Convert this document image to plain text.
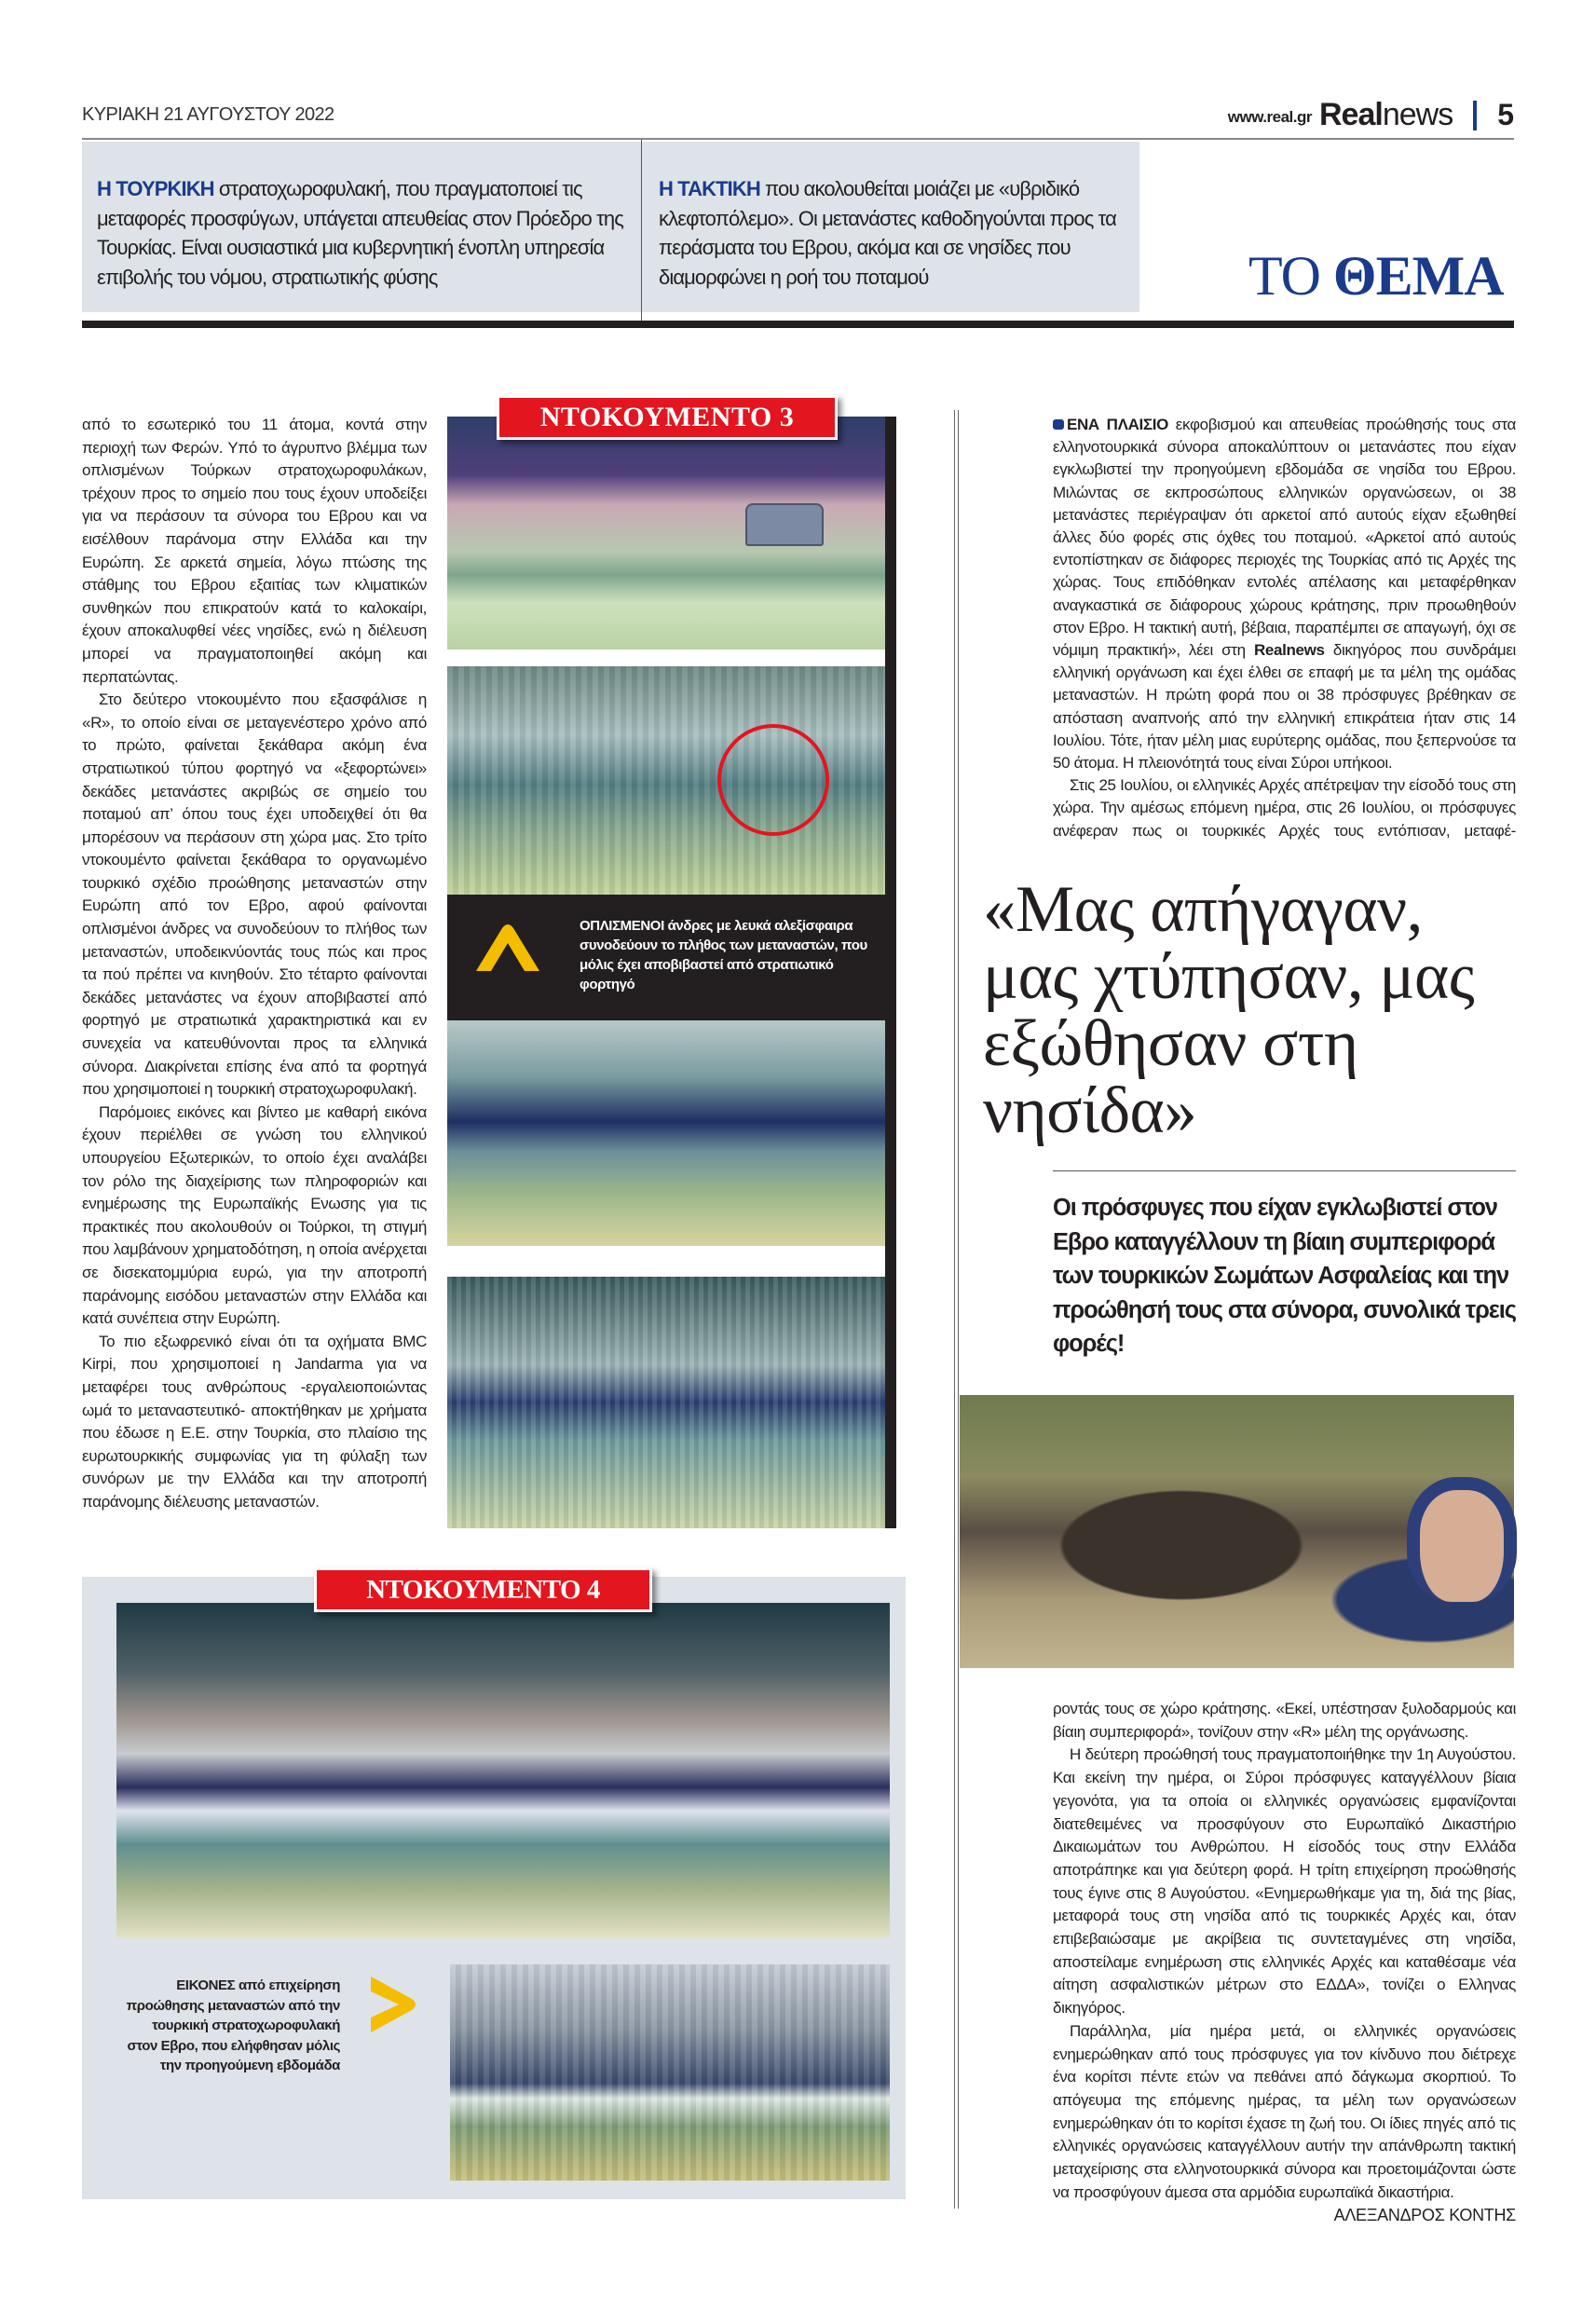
ΚΥΡΙΑΚΗ 21 ΑΥΓΟΥΣΤΟΥ 2022	www.real.gr Realnews 5
Η ΤΟΥΡΚΙΚΗ στρατοχωροφυλακή, που πραγματοποιεί τις μεταφορές προσφύγων, υπάγεται απευθείας στον Πρόεδρο της Τουρκίας. Είναι ουσιαστικά μια κυβερνητική ένοπλη υπηρεσία επιβολής του νόμου, στρατιωτικής φύσης
Η ΤΑΚΤΙΚΗ που ακολουθείται μοιάζει με «υβριδικό κλεφτοπόλεμο». Οι μετανάστες καθοδηγούνται προς τα περάσματα του Εβρου, ακόμα και σε νησίδες που διαμορφώνει η ροή του ποταμού	ΤΟ ΘΕΜΑ

από το εσωτερικό του 11 άτομα, κοντά στην περιοχή των Φερών. Υπό το άγρυπνο βλέμμα των οπλισμένων Τούρκων στρατοχωροφυλάκων, τρέχουν προς το σημείο που τους έχουν υποδείξει για να περάσουν τα σύνορα του Εβρου και να εισέλθουν παράνομα στην Ελλάδα και την Ευρώπη. Σε αρκετά σημεία, λόγω πτώσης της στάθμης του Εβρου εξαιτίας των κλιματικών συνθηκών που επικρατούν κατά το καλοκαίρι, έχουν αποκαλυφθεί νέες νησίδες, ενώ η διέλευση μπορεί να πραγματοποιηθεί ακόμη και περπατώντας.

Στο δεύτερο ντοκουμέντο που εξασφάλισε η «R», το οποίο είναι σε μεταγενέστερο χρόνο από το πρώτο, φαίνεται ξεκάθαρα ακόμη ένα στρατιωτικού τύπου φορτηγό να «ξεφορτώνει» δεκάδες μετανάστες ακριβώς σε σημείο του ποταμού απ’ όπου τους έχει υποδειχθεί ότι θα μπορέσουν να περάσουν στη χώρα μας. Στο τρίτο ντοκουμέντο φαίνεται ξεκάθαρα το οργανωμένο τουρκικό σχέδιο προώθησης μεταναστών στην Ευρώπη από τον Εβρο, αφού φαίνονται οπλισμένοι άνδρες να συνοδεύουν το πλήθος των μεταναστών, υποδεικνύοντάς τους πώς και προς τα πού πρέπει να κινηθούν. Στο τέταρτο φαίνονται δεκάδες μετανάστες να έχουν αποβιβαστεί από φορτηγό με στρατιωτικά χαρακτηριστικά και εν συνεχεία να κατευθύνονται προς τα ελληνικά σύνορα. Διακρίνεται επίσης ένα από τα φορτηγά που χρησιμοποιεί η τουρκική στρατοχωροφυλακή.

Παρόμοιες εικόνες και βίντεο με καθαρή εικόνα έχουν περιέλθει σε γνώση του ελληνικού υπουργείου Εξωτερικών, το οποίο έχει αναλάβει τον ρόλο της διαχείρισης των πληροφοριών και ενημέρωσης της Ευρωπαϊκής Ενωσης για τις πρακτικές που ακολουθούν οι Τούρκοι, τη στιγμή που λαμβάνουν χρηματοδότηση, η οποία ανέρχεται σε δισεκατομμύρια ευρώ, για την αποτροπή παράνομης εισόδου μεταναστών στην Ελλάδα και κατά συνέπεια στην Ευρώπη.

Το πιο εξωφρενικό είναι ότι τα οχήματα BMC Kirpi, που χρησιμοποιεί η Jandarma για να μεταφέρει τους ανθρώπους -εργαλειοποιώντας ωμά το μεταναστευτικό- αποκτήθηκαν με χρήματα που έδωσε η Ε.Ε. στην Τουρκία, στο πλαίσιο της ευρωτουρκικής συμφωνίας για τη φύλαξη των συνόρων με την Ελλάδα και την αποτροπή παράνομης διέλευσης μεταναστών.

ΟΠΛΙΣΜΕΝΟΙ άνδρες με λευκά αλεξίσφαιρα συνοδεύουν το πλήθος των μεταναστών, που μόλις έχει αποβιβαστεί από στρατιωτικό φορτηγό
ΝΤΟΚΟΥΜΕΝΤΟ 3
ΝΤΟΚΟΥΜΕΝΤΟ 4
ΕΙΚΟΝΕΣ από επιχείρηση προώθησης μεταναστών από την τουρκική στρατοχωροφυλακή στον Εβρο, που ελήφθησαν μόλις την προηγούμενη εβδομάδα

ΕΝΑ ΠΛΑΙΣΙΟ εκφοβισμού και απευθείας προώθησής τους στα ελληνοτουρκικά σύνορα αποκαλύπτουν οι μετανάστες που είχαν εγκλωβιστεί την προηγούμενη εβδομάδα σε νησίδα του Εβρου. Μιλώντας σε εκπροσώπους ελληνικών οργανώσεων, οι 38 μετανάστες περιέγραψαν ότι αρκετοί από αυτούς είχαν εξωθηθεί άλλες δύο φορές στις όχθες του ποταμού. «Αρκετοί από αυτούς εντοπίστηκαν σε διάφορες περιοχές της Τουρκίας από τις Αρχές της χώρας. Τους επιδόθηκαν εντολές απέλασης και μεταφέρθηκαν αναγκαστικά σε διάφορους χώρους κράτησης, πριν προωθηθούν στον Εβρο. Η τακτική αυτή, βέβαια, παραπέμπει σε απαγωγή, όχι σε νόμιμη πρακτική», λέει στη Realnews δικηγόρος που συνδράμει ελληνική οργάνωση και έχει έλθει σε επαφή με τα μέλη της ομάδας μεταναστών. Η πρώτη φορά που οι 38 πρόσφυγες βρέθηκαν σε απόσταση αναπνοής από την ελληνική επικράτεια ήταν στις 14 Ιουλίου. Τότε, ήταν μέλη μιας ευρύτερης ομάδας, που ξεπερνούσε τα 50 άτομα. Η πλειονότητά τους είναι Σύροι υπήκοοι.

Στις 25 Ιουλίου, οι ελληνικές Αρχές απέτρεψαν την είσοδό τους στη χώρα. Την αμέσως επόμενη ημέρα, στις 26 Ιουλίου, οι πρόσφυγες ανέφεραν πως οι τουρκικές Αρχές τους εντόπισαν, μεταφέ-

«Μας απήγαγαν, μας χτύπησαν, μας εξώθησαν στη νησίδα»
Οι πρόσφυγες που είχαν εγκλωβιστεί στον Εβρο καταγγέλλουν τη βίαιη συμπεριφορά των τουρκικών Σωμάτων Ασφαλείας και την προώθησή τους στα σύνορα, συνολικά τρεις φορές!

ροντάς τους σε χώρο κράτησης. «Εκεί, υπέστησαν ξυλοδαρμούς και βίαιη συμπεριφορά», τονίζουν στην «R» μέλη της οργάνωσης.

Η δεύτερη προώθησή τους πραγματοποιήθηκε την 1η Αυγούστου. Και εκείνη την ημέρα, οι Σύροι πρόσφυγες καταγγέλλουν βίαια γεγονότα, για τα οποία οι ελληνικές οργανώσεις εμφανίζονται διατεθειμένες να προσφύγουν στο Ευρωπαϊκό Δικαστήριο Δικαιωμάτων του Ανθρώπου. Η είσοδός τους στην Ελλάδα αποτράπηκε και για δεύτερη φορά. Η τρίτη επιχείρηση προώθησής τους έγινε στις 8 Αυγούστου. «Ενημερωθήκαμε για τη, διά της βίας, μεταφορά τους στη νησίδα από τις τουρκικές Αρχές και, όταν επιβεβαιώσαμε με ακρίβεια τις συντεταγμένες στη νησίδα, αποστείλαμε ενημέρωση στις ελληνικές Αρχές και καταθέσαμε νέα αίτηση ασφαλιστικών μέτρων στο ΕΔΔΑ», τονίζει ο Ελληνας δικηγόρος.

Παράλληλα, μία ημέρα μετά, οι ελληνικές οργανώσεις ενημερώθηκαν από τους πρόσφυγες για τον κίνδυνο που διέτρεχε ένα κορίτσι πέντε ετών να πεθάνει από δάγκωμα σκορπιού. Το απόγευμα της επόμενης ημέρας, τα μέλη των οργανώσεων ενημερώθηκαν ότι το κορίτσι έχασε τη ζωή του. Οι ίδιες πηγές από τις ελληνικές οργανώσεις καταγγέλλουν αυτήν την απάνθρωπη τακτική μεταχείρισης στα ελληνοτουρκικά σύνορα και προετοιμάζονται ώστε να προσφύγουν άμεσα στα αρμόδια ευρωπαϊκά δικαστήρια.

ΑΛΕΞΑΝΔΡΟΣ ΚΟΝΤΗΣ
